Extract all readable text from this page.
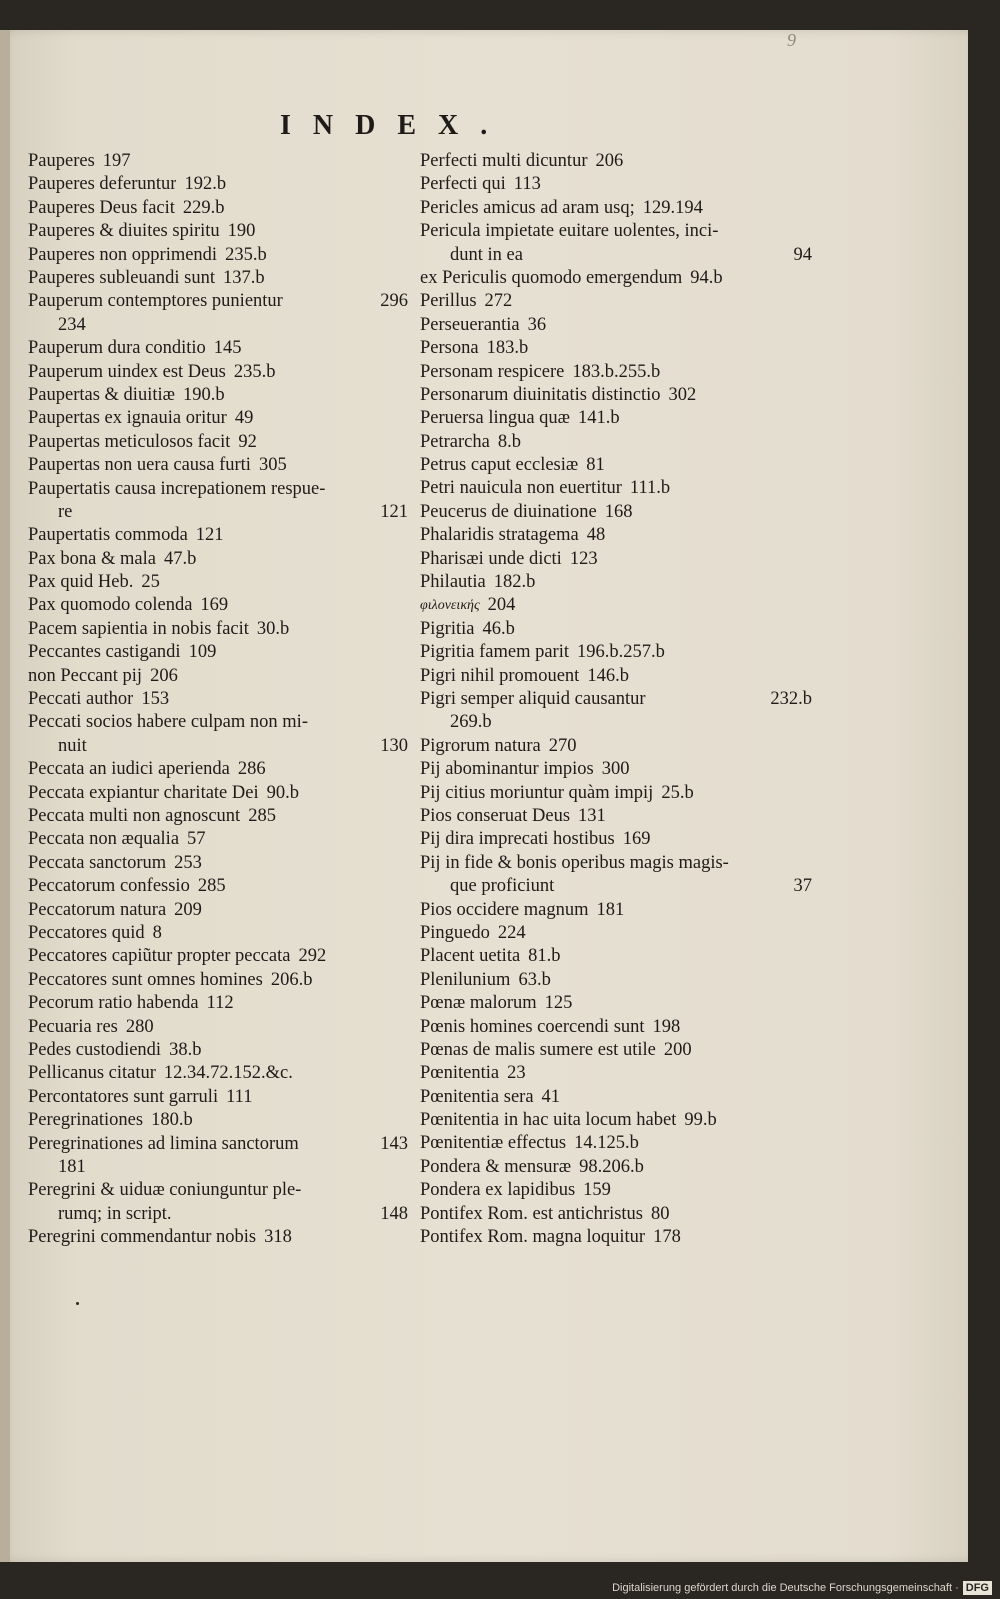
9
INDEX.
Pauperes 197
Pauperes deferuntur 192.b
Pauperes Deus facit 229.b
Pauperes & diuites spiritu 190
Pauperes non opprimendi 235.b
Pauperes subleuandi sunt 137.b
Pauperum contemptores punientur	296
234
Pauperum dura conditio 145
Pauperum uindex est Deus 235.b
Paupertas & diuitiæ 190.b
Paupertas ex ignauia oritur 49
Paupertas meticulosos facit 92
Paupertas non uera causa furti 305
Paupertatis causa increpationem respue-
re	121
Paupertatis commoda 121
Pax bona & mala 47.b
Pax quid Heb. 25
Pax quomodo colenda 169
Pacem sapientia in nobis facit 30.b
Peccantes castigandi 109
non Peccant pij 206
Peccati author 153
Peccati socios habere culpam non mi-
nuit	130
Peccata an iudici aperienda 286
Peccata expiantur charitate Dei 90.b
Peccata multi non agnoscunt 285
Peccata non æqualia 57
Peccata sanctorum 253
Peccatorum confessio 285
Peccatorum natura 209
Peccatores quid 8
Peccatores capiũtur propter peccata 292
Peccatores sunt omnes homines 206.b
Pecorum ratio habenda 112
Pecuaria res 280
Pedes custodiendi 38.b
Pellicanus citatur 12.34.72.152.&c.
Percontatores sunt garruli 111
Peregrinationes 180.b
Peregrinationes ad limina sanctorum	143
181
Peregrini & uiduæ coniunguntur ple-
rumq; in script.	148
Peregrini commendantur nobis 318
Perfecti multi dicuntur 206
Perfecti qui 113
Pericles amicus ad aram usq; 129.194
Pericula impietate euitare uolentes, inci-
dunt in ea	94
ex Periculis quomodo emergendum 94.b
Perillus 272
Perseuerantia 36
Persona 183.b
Personam respicere 183.b.255.b
Personarum diuinitatis distinctio 302
Peruersa lingua quæ 141.b
Petrarcha 8.b
Petrus caput ecclesiæ 81
Petri nauicula non euertitur 111.b
Peucerus de diuinatione 168
Phalaridis stratagema 48
Pharisæi unde dicti 123
Philautia 182.b
φιλονεικής 204
Pigritia 46.b
Pigritia famem parit 196.b.257.b
Pigri nihil promouent 146.b
Pigri semper aliquid causantur	232.b
269.b
Pigrorum natura 270
Pij abominantur impios 300
Pij citius moriuntur quàm impij 25.b
Pios conseruat Deus 131
Pij dira imprecati hostibus 169
Pij in fide & bonis operibus magis magis-
que proficiunt	37
Pios occidere magnum 181
Pinguedo 224
Placent uetita 81.b
Plenilunium 63.b
Pœnæ malorum 125
Pœnis homines coercendi sunt 198
Pœnas de malis sumere est utile 200
Pœnitentia 23
Pœnitentia sera 41
Pœnitentia in hac uita locum habet 99.b
Pœnitentiæ effectus 14.125.b
Pondera & mensuræ 98.206.b
Pondera ex lapidibus 159
Pontifex Rom. est antichristus 80
Pontifex Rom. magna loquitur 178
Digitalisierung gefördert durch die Deutsche Forschungsgemeinschaft · DFG
